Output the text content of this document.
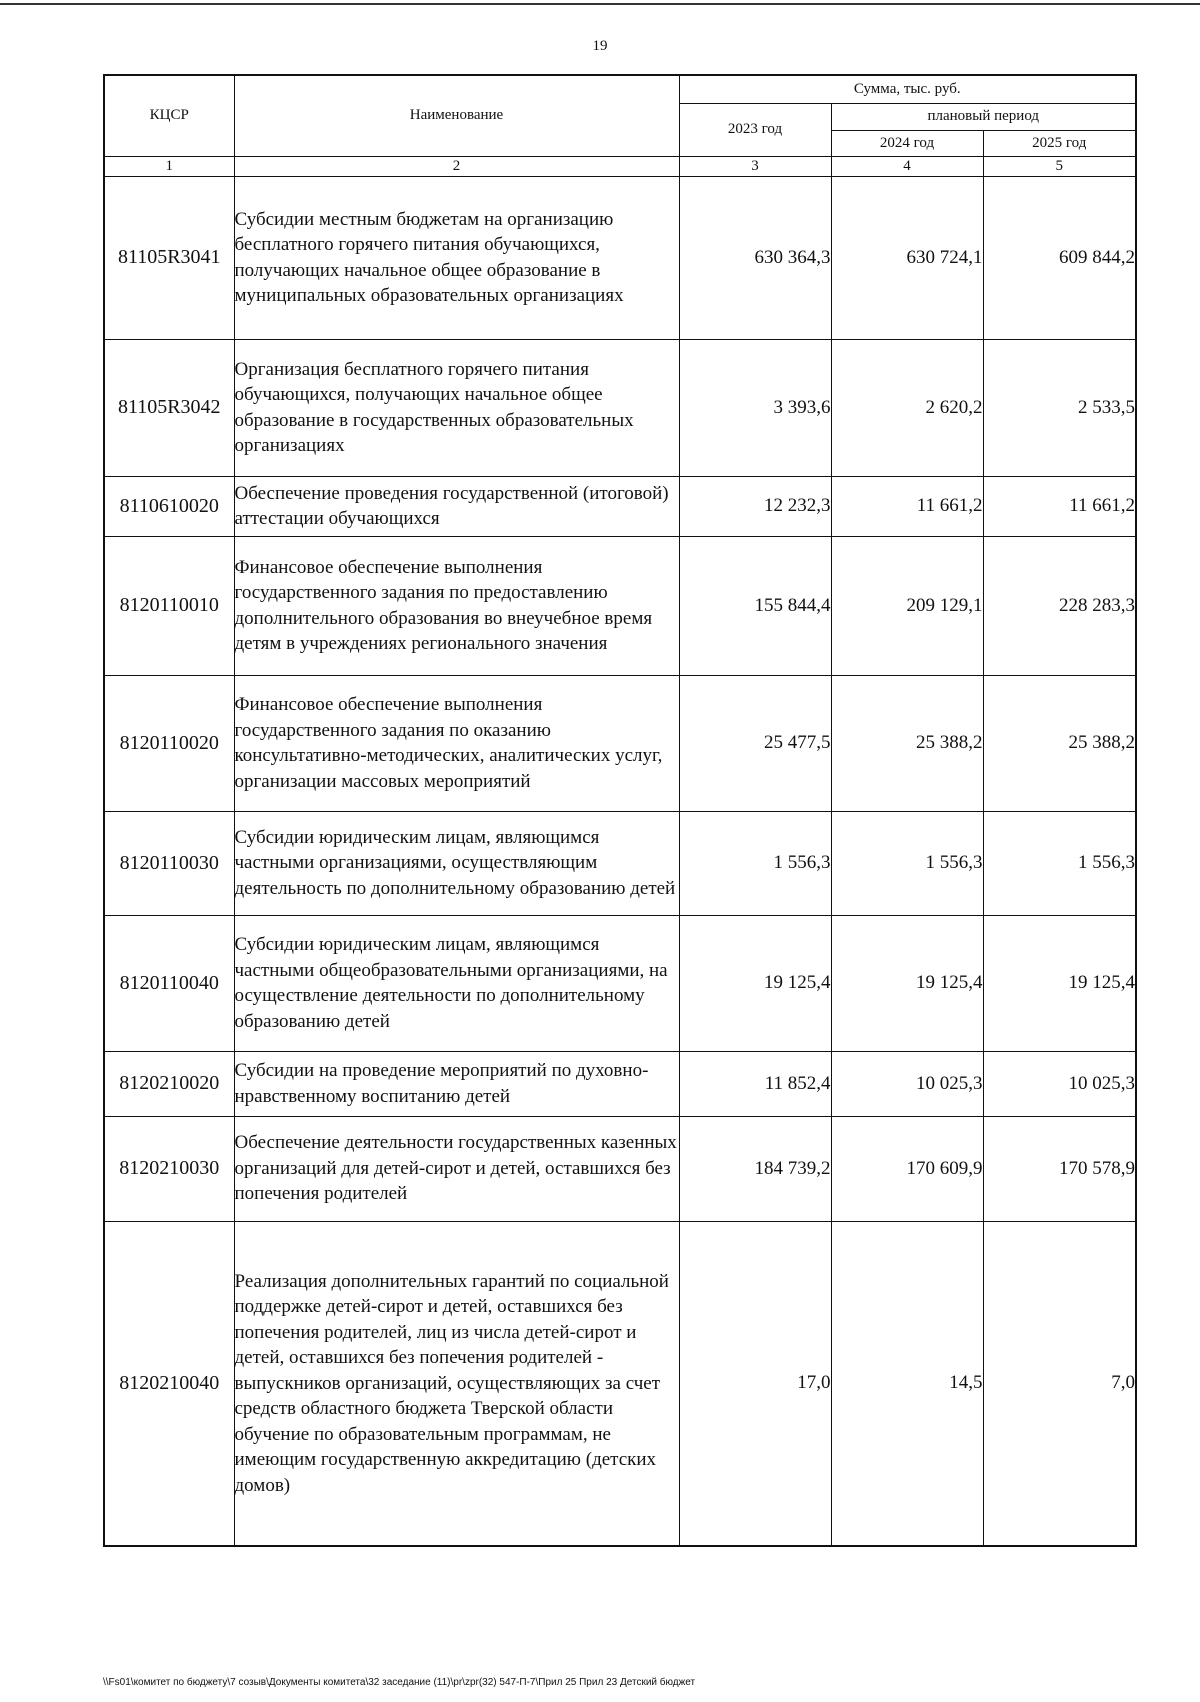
19
КЦСР	Наименование	Сумма, тыс. руб.		
		2023 год	плановый период	
			2024 год	2025 год
1	2	3	4	5
81105R3041	Субсидии местным бюджетам на организацию бесплатного горячего питания обучающихся, получающих начальное общее образование в муниципальных образовательных организациях	630 364,3	630 724,1	609 844,2
81105R3042	Организация бесплатного горячего питания обучающихся, получающих начальное общее образование в государственных образовательных организациях	3 393,6	2 620,2	2 533,5
8110610020	Обеспечение проведения государственной (итоговой) аттестации обучающихся	12 232,3	11 661,2	11 661,2
8120110010	Финансовое обеспечение выполнения государственного задания по предоставлению дополнительного образования во внеучебное время детям в учреждениях регионального значения	155 844,4	209 129,1	228 283,3
8120110020	Финансовое обеспечение выполнения государственного задания по оказанию консультативно-методических, аналитических услуг, организации массовых мероприятий	25 477,5	25 388,2	25 388,2
8120110030	Субсидии юридическим лицам, являющимся частными организациями, осуществляющим деятельность по дополнительному образованию детей	1 556,3	1 556,3	1 556,3
8120110040	Субсидии юридическим лицам, являющимся частными общеобразовательными организациями, на осуществление деятельности по дополнительному образованию детей	19 125,4	19 125,4	19 125,4
8120210020	Субсидии на проведение мероприятий по духовно-нравственному воспитанию детей	11 852,4	10 025,3	10 025,3
8120210030	Обеспечение деятельности государственных казенных организаций для детей-сирот и детей, оставшихся без попечения родителей	184 739,2	170 609,9	170 578,9
8120210040	Реализация дополнительных гарантий по социальной поддержке детей-сирот и детей, оставшихся без попечения родителей, лиц из числа детей-сирот и детей, оставшихся без попечения родителей - выпускников организаций, осуществляющих за счет средств областного бюджета Тверской области обучение по образовательным программам, не имеющим государственную аккредитацию (детских домов)	17,0	14,5	7,0
\\Fs01\комитет по бюджету\7 созыв\Документы комитета\32 заседание (11)\pr\zpr(32) 547-П-7\Прил 25 Прил 23 Детский бюджет
